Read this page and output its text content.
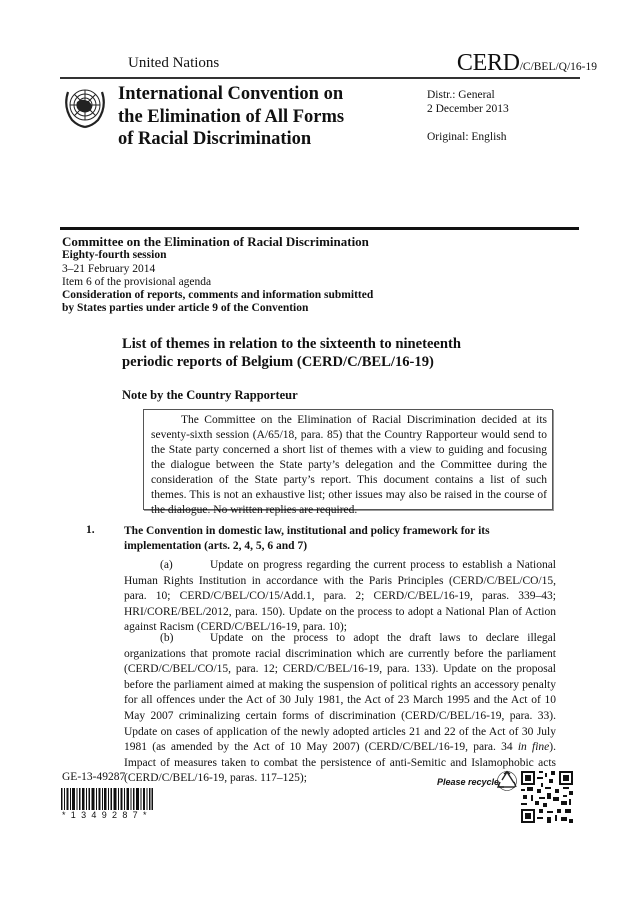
United Nations	CERD/C/BEL/Q/16-19
International Convention on
the Elimination of All Forms
of Racial Discrimination
Distr.: General
2 December 2013
Original: English
Committee on the Elimination of Racial Discrimination
Eighty-fourth session
3–21 February 2014
Item 6 of the provisional agenda
Consideration of reports, comments and information submitted
by States parties under article 9 of the Convention
List of themes in relation to the sixteenth to nineteenth
periodic reports of Belgium (CERD/C/BEL/16-19)
Note by the Country Rapporteur
The Committee on the Elimination of Racial Discrimination decided at its seventy-sixth session (A/65/18, para. 85) that the Country Rapporteur would send to the State party concerned a short list of themes with a view to guiding and focusing the dialogue between the State party’s delegation and the Committee during the consideration of the State party’s report. This document contains a list of such themes. This is not an exhaustive list; other issues may also be raised in the course of the dialogue. No written replies are required.
1.	The Convention in domestic law, institutional and policy framework for its implementation (arts. 2, 4, 5, 6 and 7)
(a)	Update on progress regarding the current process to establish a National Human Rights Institution in accordance with the Paris Principles (CERD/C/BEL/CO/15, para. 10; CERD/C/BEL/CO/15/Add.1, para. 2; CERD/C/BEL/16-19, paras. 339–43; HRI/CORE/BEL/2012, para. 150). Update on the process to adopt a National Plan of Action against Racism (CERD/C/BEL/16-19, para. 10);
(b)	Update on the process to adopt the draft laws to declare illegal organizations that promote racial discrimination which are currently before the parliament (CERD/C/BEL/CO/15, para. 12; CERD/C/BEL/16-19, para. 133). Update on the proposal before the parliament aimed at making the suspension of political rights an accessory penalty for all offences under the Act of 30 July 1981, the Act of 23 March 1995 and the Act of 10 May 2007 criminalizing certain forms of discrimination (CERD/C/BEL/16-19, para. 33). Update on cases of application of the newly adopted articles 21 and 22 of the Act of 30 July 1981 (as amended by the Act of 10 May 2007) (CERD/C/BEL/16-19, para. 34 in fine). Impact of measures taken to combat the persistence of anti-Semitic and Islamophobic acts (CERD/C/BEL/16-19, paras. 117–125);
GE-13-49287
*1349287*
Please recycle
